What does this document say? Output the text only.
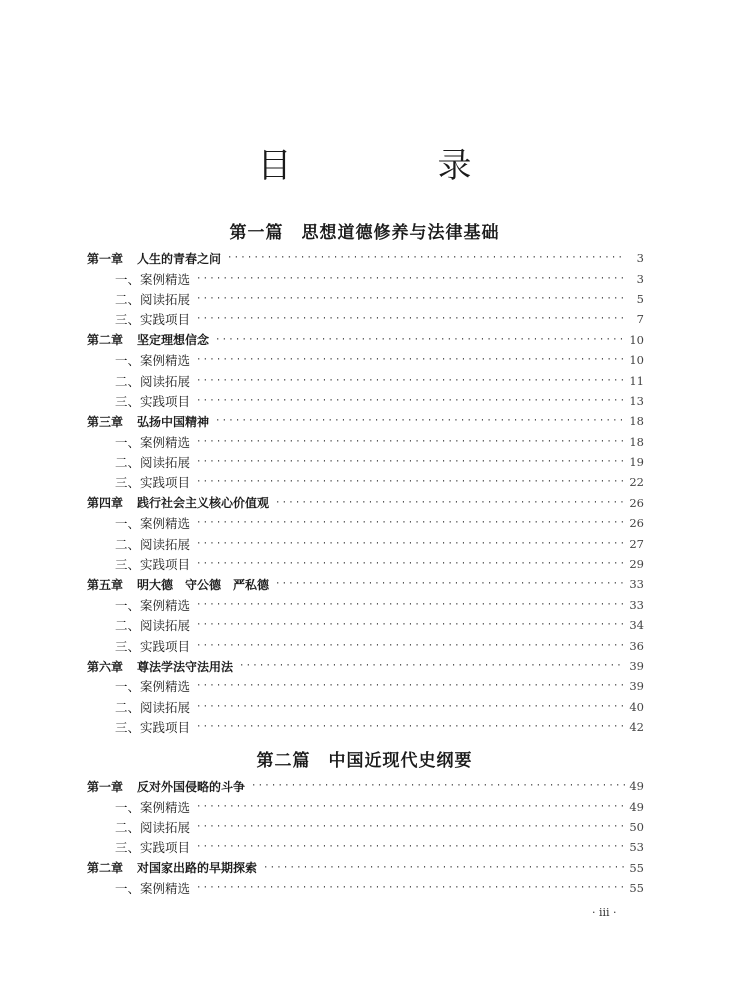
目　录
第一篇 思想道德修养与法律基础
第一章 人生的青春之问 ·····	3
一、案例精选 ·····	3
二、阅读拓展 ·····	5
三、实践项目 ·····	7
第二章 坚定理想信念 ·····	10
一、案例精选 ·····	10
二、阅读拓展 ·····	11
三、实践项目 ·····	13
第三章 弘扬中国精神 ·····	18
一、案例精选 ·····	18
二、阅读拓展 ·····	19
三、实践项目 ·····	22
第四章 践行社会主义核心价值观 ·····	26
一、案例精选 ·····	26
二、阅读拓展 ·····	27
三、实践项目 ·····	29
第五章 明大德　守公德　严私德 ·····	33
一、案例精选 ·····	33
二、阅读拓展 ·····	34
三、实践项目 ·····	36
第六章 尊法学法守法用法 ·····	39
一、案例精选 ·····	39
二、阅读拓展 ·····	40
三、实践项目 ·····	42
第二篇 中国近现代史纲要
第一章 反对外国侵略的斗争 ·····	49
一、案例精选 ·····	49
二、阅读拓展 ·····	50
三、实践项目 ·····	53
第二章 对国家出路的早期探索 ·····	55
一、案例精选 ·····	55
· iii ·
